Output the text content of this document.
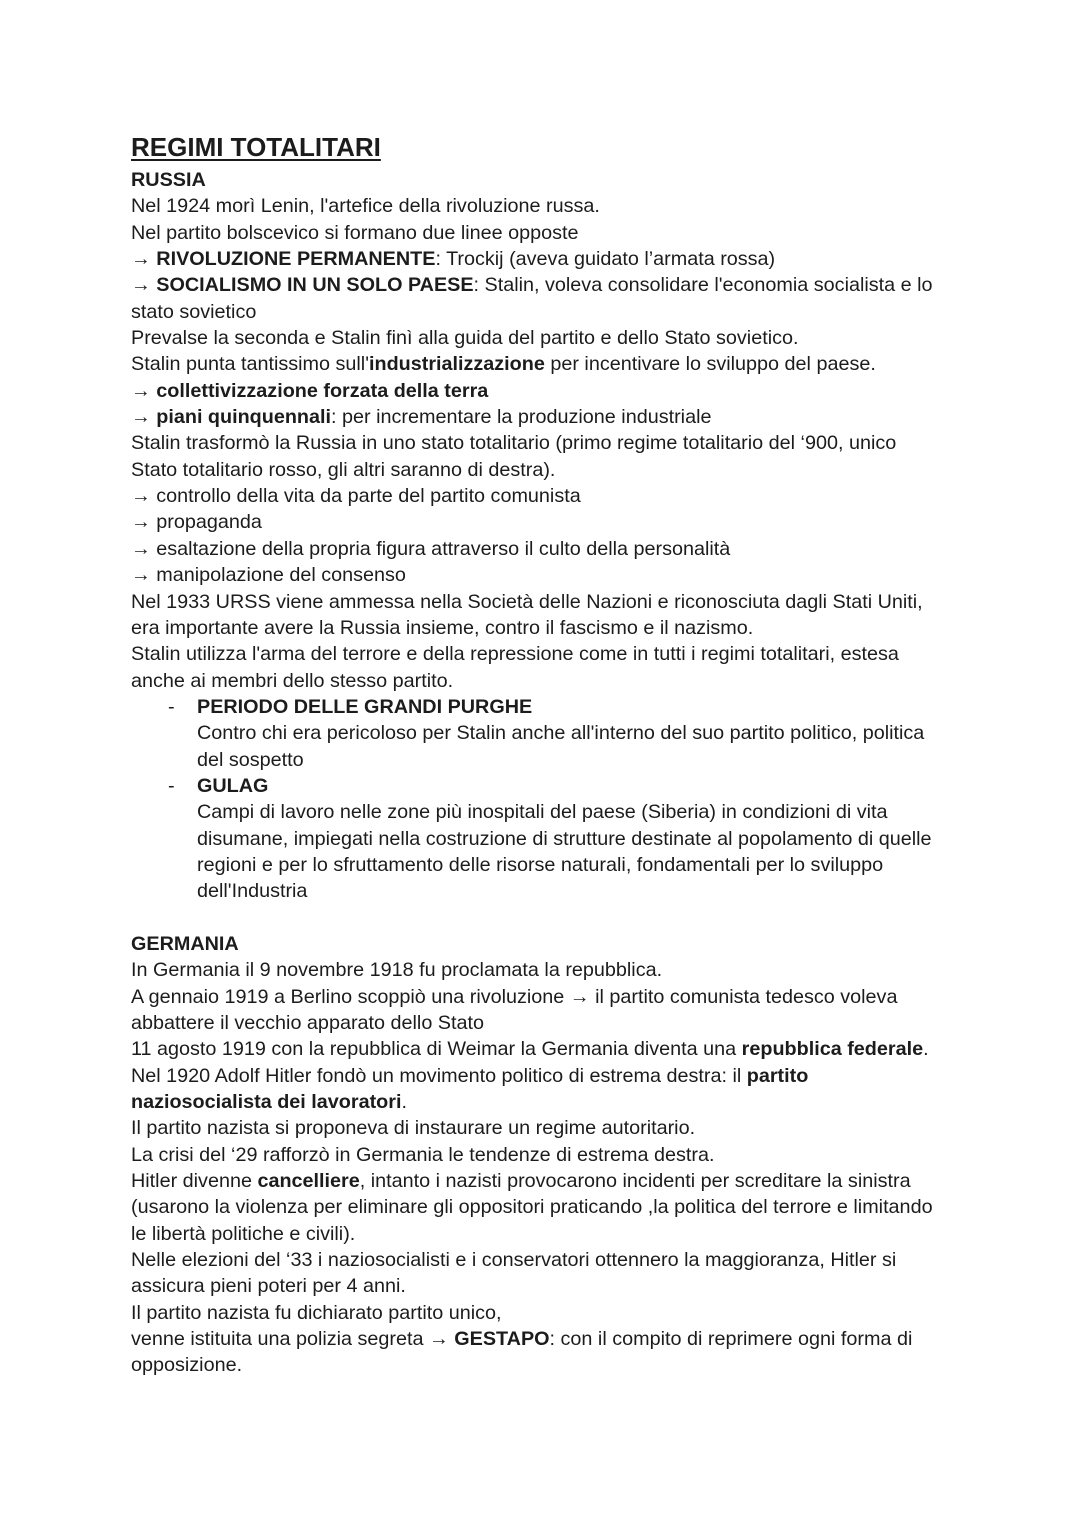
REGIMI TOTALITARI
RUSSIA
Nel 1924 morì Lenin, l'artefice della rivoluzione russa.
Nel partito bolscevico si formano due linee opposte
→ RIVOLUZIONE PERMANENTE: Trockij (aveva guidato l’armata rossa)
→ SOCIALISMO IN UN SOLO PAESE: Stalin, voleva consolidare l'economia socialista e lo
stato sovietico
Prevalse la seconda e Stalin finì alla guida del partito e dello Stato sovietico.
Stalin punta tantissimo sull'industrializzazione per incentivare lo sviluppo del paese.
→ collettivizzazione forzata della terra
→ piani quinquennali: per incrementare la produzione industriale
Stalin trasformò la Russia in uno stato totalitario (primo regime totalitario del ‘900, unico
Stato totalitario rosso, gli altri saranno di destra).
→ controllo della vita da parte del partito comunista
→ propaganda
→ esaltazione della propria figura attraverso il culto della personalità
→ manipolazione del consenso
Nel 1933 URSS viene ammessa nella Società delle Nazioni e riconosciuta dagli Stati Uniti,
era importante avere la Russia insieme, contro il fascismo e il nazismo.
Stalin utilizza l'arma del terrore e della repressione come in tutti i regimi totalitari, estesa
anche ai membri dello stesso partito.
- PERIODO DELLE GRANDI PURGHE
Contro chi era pericoloso per Stalin anche all'interno del suo partito politico, politica
del sospetto
- GULAG
Campi di lavoro nelle zone più inospitali del paese (Siberia) in condizioni di vita
disumane, impiegati nella costruzione di strutture destinate al popolamento di quelle
regioni e per lo sfruttamento delle risorse naturali, fondamentali per lo sviluppo
dell'Industria
GERMANIA
In Germania il 9 novembre 1918 fu proclamata la repubblica.
A gennaio 1919 a Berlino scoppiò una rivoluzione → il partito comunista tedesco voleva
abbattere il vecchio apparato dello Stato
11 agosto 1919 con la repubblica di Weimar la Germania diventa una repubblica federale.
Nel 1920 Adolf Hitler fondò un movimento politico di estrema destra: il partito
naziosocialista dei lavoratori.
Il partito nazista si proponeva di instaurare un regime autoritario.
La crisi del ‘29 rafforzò in Germania le tendenze di estrema destra.
Hitler divenne cancelliere, intanto i nazisti provocarono incidenti per screditare la sinistra
(usarono la violenza per eliminare gli oppositori praticando ,la politica del terrore e limitando
le libertà politiche e civili).
Nelle elezioni del ‘33 i naziosocialisti e i conservatori ottennero la maggioranza, Hitler si
assicura pieni poteri per 4 anni.
Il partito nazista fu dichiarato partito unico,
venne istituita una polizia segreta → GESTAPO: con il compito di reprimere ogni forma di
opposizione.
